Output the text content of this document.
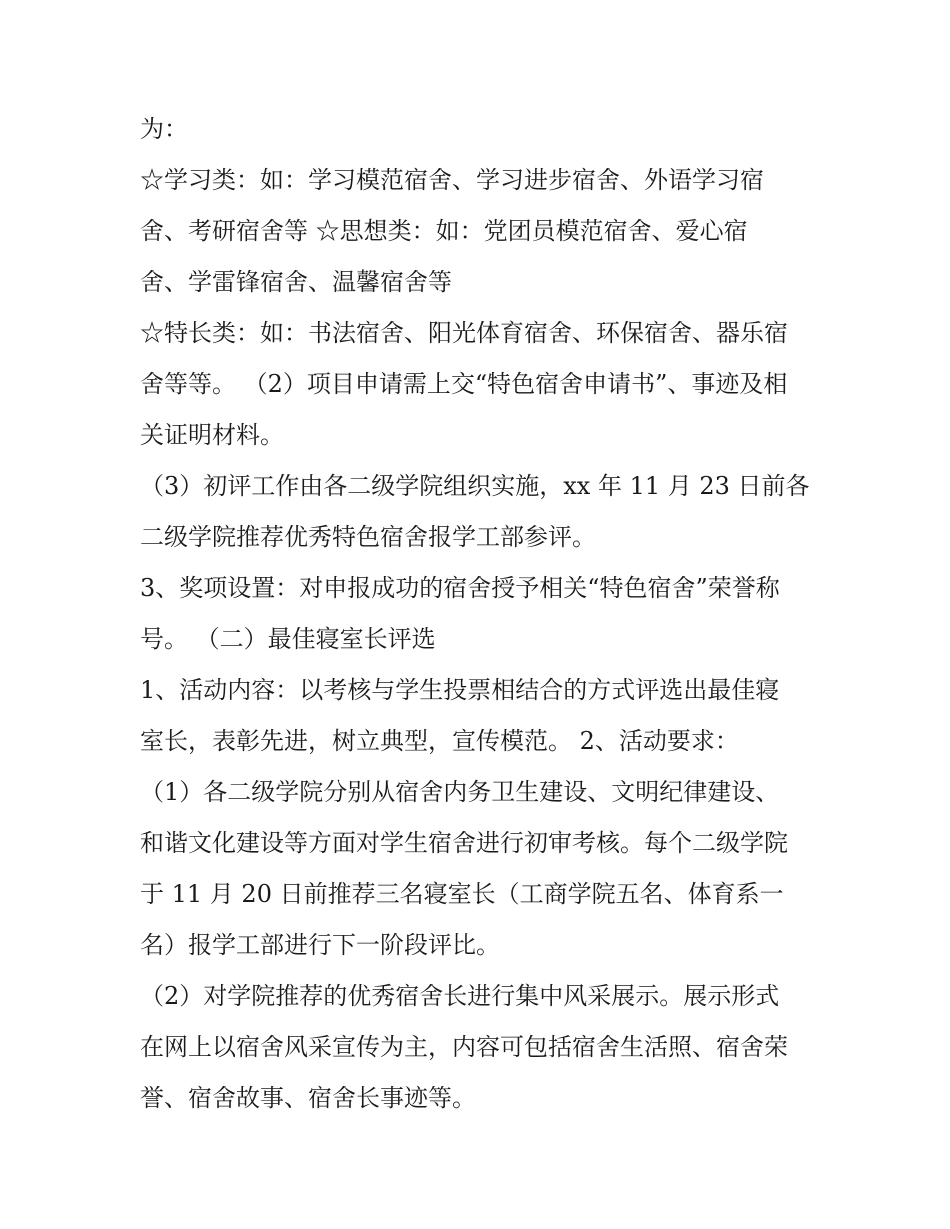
为：
☆学习类：如：学习模范宿舍、学习进步宿舍、外语学习宿
舍、考研宿舍等 ☆思想类：如：党团员模范宿舍、爱心宿
舍、学雷锋宿舍、温馨宿舍等
☆特长类：如：书法宿舍、阳光体育宿舍、环保宿舍、器乐宿
舍等等。 （2）项目申请需上交“特色宿舍申请书”、事迹及相
关证明材料。
（3）初评工作由各二级学院组织实施，xx 年 11 月 23 日前各
二级学院推荐优秀特色宿舍报学工部参评。
3、奖项设置：对申报成功的宿舍授予相关“特色宿舍”荣誉称
号。 （二）最佳寝室长评选
1、活动内容：以考核与学生投票相结合的方式评选出最佳寝
室长，表彰先进，树立典型，宣传模范。 2、活动要求：
（1）各二级学院分别从宿舍内务卫生建设、文明纪律建设、
和谐文化建设等方面对学生宿舍进行初审考核。每个二级学院
于 11 月 20 日前推荐三名寝室长（工商学院五名、体育系一
名）报学工部进行下一阶段评比。
（2）对学院推荐的优秀宿舍长进行集中风采展示。展示形式
在网上以宿舍风采宣传为主，内容可包括宿舍生活照、宿舍荣
誉、宿舍故事、宿舍长事迹等。
